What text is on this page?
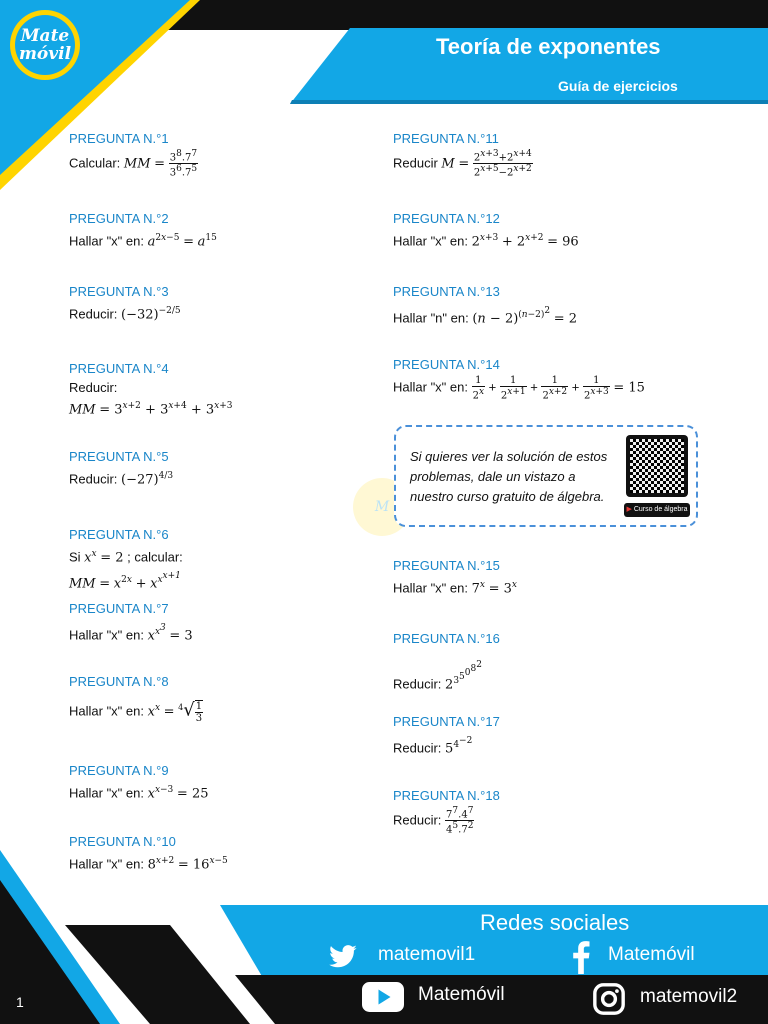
Mate
móvil	Teoría de exponentes
Guía de ejercicios
PREGUNTA N.°1
Calcular: MM = $\frac{3^8.7^7}{3^6.7^5}$
PREGUNTA N.°2
Hallar "x" en: $a^{2x-5} = a^{15}$
PREGUNTA N.°3
Reducir: $(-32)^{-2/5}$
PREGUNTA N.°4
Reducir:
MM = $3^{x+2} + 3^{x+4} + 3^{x+3}$
PREGUNTA N.°5
Reducir: $(-27)^{4/3}$
PREGUNTA N.°6
Si $x^x = 2$ ; calcular:
MM = $x^{2x} + x^{x^{x+1}}$
PREGUNTA N.°7
Hallar "x" en: $x^{x^3} = 3$
PREGUNTA N.°8
Hallar "x" en: $x^x = ^4√ \frac{1}{3}$
PREGUNTA N.°9
Hallar "x" en: $x^{x-3} = 25$
PREGUNTA N.°10
Hallar "x" en: $8^{x+2} = 16^{x-5}$
PREGUNTA N.°11
Reducir $M = \frac{2^{x+3}+2^{x+4}}{2^{x+5}-2^{x+2}}$
PREGUNTA N.°12
Hallar "x" en: $2^{x+3} + 2^{x+2} = 96$
PREGUNTA N.°13
Hallar "n" en: $(n - 2)^{(n-2)^2} = 2$
PREGUNTA N.°14
Hallar "x" en: $\frac{1}{2^x} + \frac{1}{2^{x+1}} + \frac{1}{2^{x+2}} + \frac{1}{2^{x+3}} = 15$
M
Si quieres ver la solución de estos problemas, dale un vistazo a nuestro curso gratuito de álgebra.
▶ Curso de álgebra
PREGUNTA N.°15
Hallar "x" en: $7^x = 3^x$
PREGUNTA N.°16
Reducir: $2^{3^{5^{0^{8^2}}}}$
PREGUNTA N.°17
Reducir: $5^{4^{-2}}$
PREGUNTA N.°18
Reducir: $\frac{7^7.4^7}{4^5.7^2}$
Redes sociales
matemovil1	Matemóvil
Matemóvil	matemovil2
1
